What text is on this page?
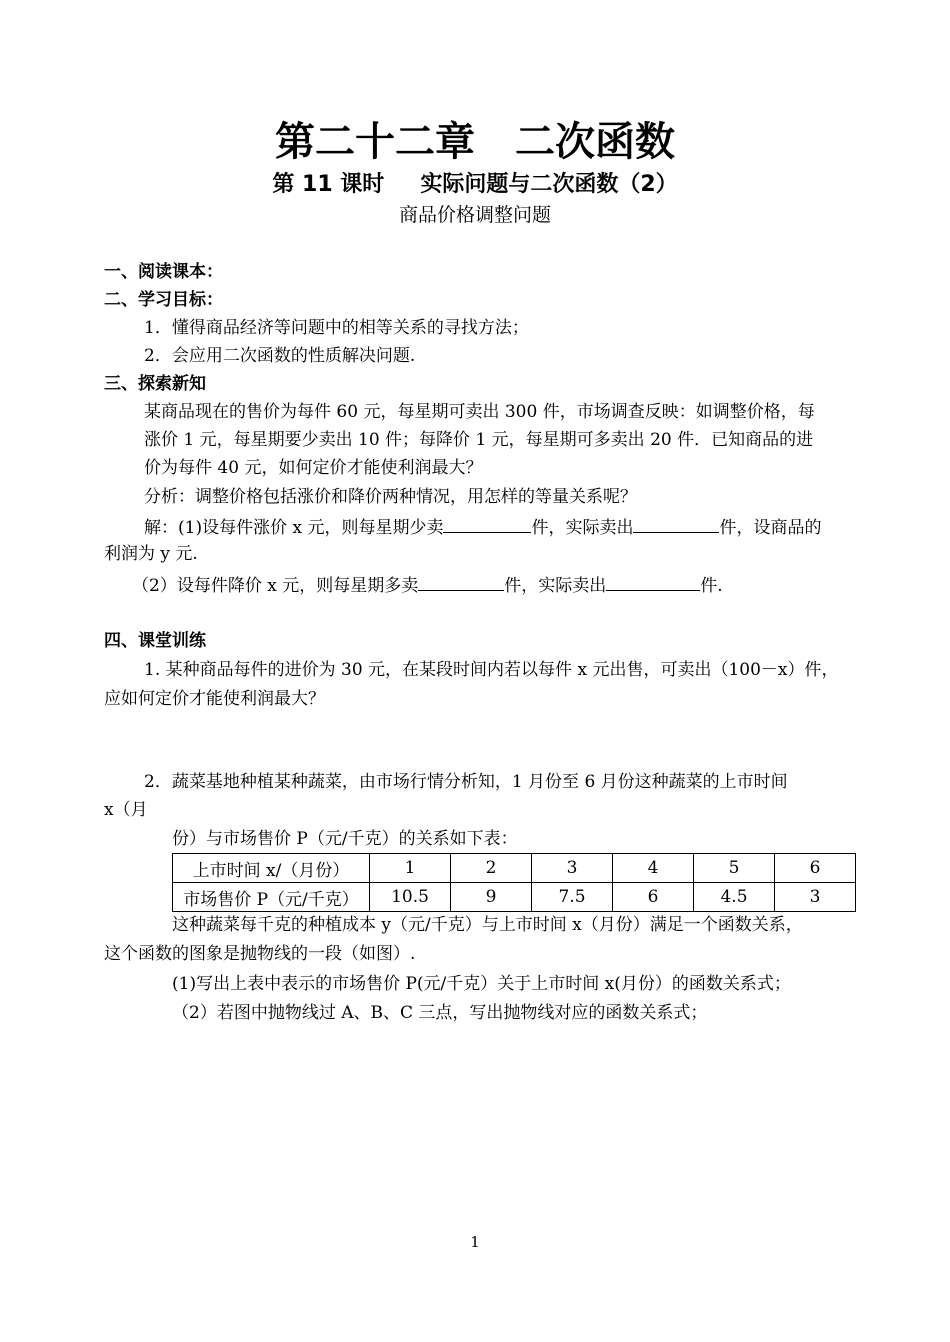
第二十二章　二次函数
第 11 课时 实际问题与二次函数（2）
商品价格调整问题
一、阅读课本：
二、学习目标：
1．懂得商品经济等问题中的相等关系的寻找方法；
2．会应用二次函数的性质解决问题.
三、探索新知
某商品现在的售价为每件 60 元，每星期可卖出 300 件，市场调查反映：如调整价格，每
涨价 1 元，每星期要少卖出 10 件；每降价 1 元，每星期可多卖出 20 件．已知商品的进
价为每件 40 元，如何定价才能使利润最大？
分析：调整价格包括涨价和降价两种情况，用怎样的等量关系呢？
解：(1)设每件涨价 x 元，则每星期少卖	件，实际卖出	件，设商品的
利润为 y 元.
（2）设每件降价 x 元，则每星期多卖	件，实际卖出	件.
四、课堂训练
1. 某种商品每件的进价为 30 元，在某段时间内若以每件 x 元出售，可卖出（100－x）件，
应如何定价才能使利润最大？
2．蔬菜基地种植某种蔬菜，由市场行情分析知，1 月份至 6 月份这种蔬菜的上市时间
x（月
份）与市场售价 P（元/千克）的关系如下表：
上市时间 x/（月份）	1	2	3	4	5	6
市场售价 P（元/千克）	10.5	9	7.5	6	4.5	3
这种蔬菜每千克的种植成本 y（元/千克）与上市时间 x（月份）满足一个函数关系，
这个函数的图象是抛物线的一段（如图）.
(1)写出上表中表示的市场售价 P(元/千克）关于上市时间 x(月份）的函数关系式；
（2）若图中抛物线过 A、B、C 三点，写出抛物线对应的函数关系式；
1
